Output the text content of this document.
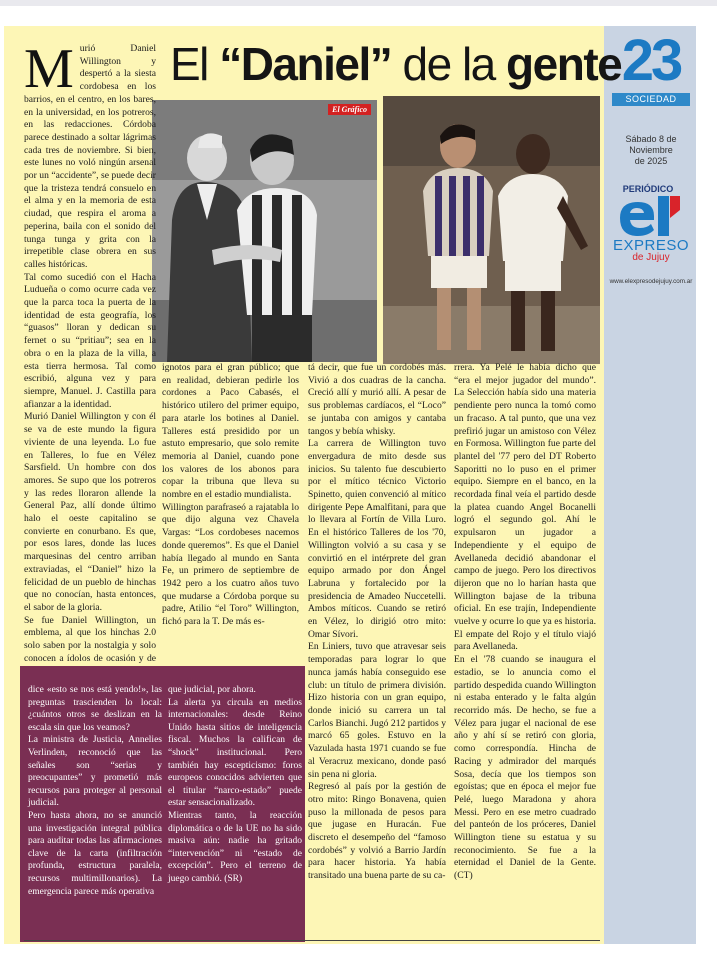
23
SOCIEDAD
Sábado 8 de Noviembre
de 2025
PERIÓDICO
EXPRESO
de Jujuy
www.elexpresodejujuy.com.ar
El “Daniel” de la gente
El Gráfico

Murió Daniel Willington y despertó a la siesta cordobesa en los barrios, en el centro, en los bares, en la universidad, en los potreros, en las redacciones. Córdoba parece destinado a soltar lágrimas cada tres de noviembre. Si bien, este lunes no voló ningún arsenal por un “accidente”, se puede decir que la tristeza tendrá consuelo en el alma y en la memoria de esta ciudad, que respira el aroma a peperina, baila con el sonido del tunga tunga y grita con la irrepetible clase obrera en sus calles históricas.

Tal como sucedió con el Hacha Ludueña o como ocurre cada vez que la parca toca la puerta de la identidad de esta geografía, los “guasos” lloran y dedican su fernet o su “pritiau”; sea en la obra o en la plaza de la villa, a esta tierra hermosa. Tal como escribió, alguna vez y para siempre, Manuel. J. Castilla para afianzar a la identidad.

Murió Daniel Willington y con él se va de este mundo la figura viviente de una leyenda. Lo fue en Talleres, lo fue en Vélez Sarsfield. Un hombre con dos amores. Se supo que los potreros y las redes lloraron allende la General Paz, allí donde último halo el oeste capitalino se convierte en conurbano. Es que, por esos lares, donde las luces marquesinas del centro arriban extraviadas, el “Daniel” hizo la felicidad de un pueblo de hinchas que no conocían, hasta entonces, el sabor de la gloria.

Se fue Daniel Willington, un emblema, al que los hinchas 2.0 solo saben por la nostalgia y solo conocen a ídolos de ocasión y de

ignotos para el gran público; que en realidad, debieran pedirle los cordones a Paco Cabasés, el histórico utilero del primer equipo, para atarle los botines al Daniel. Talleres está presidido por un astuto empresario, que solo remite memoria al Daniel, cuando pone los valores de los abonos para copar la tribuna que lleva su nombre en el estadio mundialista.

Willington parafraseó a rajatabla lo que dijo alguna vez Chavela Vargas: “Los cordobeses nacemos donde queremos”. Es que el Daniel había llegado al mundo en Santa Fe, un primero de septiembre de 1942 pero a los cuatro años tuvo que mudarse a Córdoba porque su padre, Atilio “el Toro” Willington, fichó para la T. De más es-

tá decir, que fue un cordobés más. Vivió a dos cuadras de la cancha. Creció allí y murió allí. A pesar de sus problemas cardíacos, el “Loco” se juntaba con amigos y cantaba tangos y bebía whisky.

La carrera de Willington tuvo envergadura de mito desde sus inicios. Su talento fue descubierto por el mítico técnico Victorio Spinetto, quien convenció al mítico dirigente Pepe Amalfitani, para que lo llevara al Fortín de Villa Luro. En el histórico Talleres de los '70, Willington volvió a su casa y se convirtió en el intérprete del gran equipo armado por don Ángel Labruna y fortalecido por la presidencia de Amadeo Nuccetelli. Ambos míticos. Cuando se retiró en Vélez, lo dirigió otro mito: Omar Sívori.

En Liniers, tuvo que atravesar seis temporadas para lograr lo que nunca jamás había conseguido ese club: un título de primera división. Hizo historia con un gran equipo, donde inició su carrera un tal Carlos Bianchi. Jugó 212 partidos y marcó 65 goles. Estuvo en la Vazulada hasta 1971 cuando se fue al Veracruz mexicano, donde pasó sin pena ni gloria.

Regresó al país por la gestión de otro mito: Ringo Bonavena, quien puso la millonada de pesos para que jugase en Huracán. Fue discreto el desempeño del “famoso cordobés” y volvió a Barrio Jardín para hacer historia. Ya había transitado una buena parte de su ca-

rrera. Ya Pelé le había dicho que “era el mejor jugador del mundo”. La Selección había sido una materia pendiente pero nunca la tomó como un fracaso. A tal punto, que una vez prefirió jugar un amistoso con Vélez en Formosa. Willington fue parte del plantel del '77 pero del DT Roberto Saporitti no lo puso en el primer equipo. Siempre en el banco, en la recordada final veía el partido desde la platea cuando Angel Bocanelli logró el segundo gol. Ahí le expulsaron un jugador a Independiente y el equipo de Avellaneda decidió abandonar el campo de juego. Pero los directivos dijeron que no lo harían hasta que Willington bajase de la tribuna oficial. En ese trajín, Independiente vuelve y ocurre lo que ya es historia. El empate del Rojo y el título viajó para Avellaneda.

En el '78 cuando se inaugura el estadio, se lo anuncia como el partido despedida cuando Willington ni estaba enterado y le falta algún recorrido más. De hecho, se fue a Vélez para jugar el nacional de ese año y ahí sí se retiró con gloria, como correspondía. Hincha de Racing y admirador del marqués Sosa, decía que los tiempos son egoístas; que en época el mejor fue Pelé, luego Maradona y ahora Messi. Pero en ese metro cuadrado del panteón de los próceres, Daniel Willington tiene su estatua y su reconocimiento. Se fue a la eternidad el Daniel de la Gente. (CT)

dice «esto se nos está yendo!», las preguntas trascienden lo local: ¿cuántos otros se deslizan en la escala sin que los veamos?

La ministra de Justicia, Annelies Verlinden, reconoció que las señales son “serias y preocupantes” y prometió más recursos para proteger al personal judicial.

Pero hasta ahora, no se anunció una investigación integral pública para auditar todas las afirmaciones clave de la carta (infiltración profunda, estructura paralela, recursos multimillonarios). La emergencia parece más operativa

que judicial, por ahora.

La alerta ya circula en medios internacionales: desde Reino Unido hasta sitios de inteligencia fiscal. Muchos la califican de “shock” institucional. Pero también hay escepticismo: foros europeos conocidos advierten que el titular “narco-estado” puede estar sensacionalizado.

Mientras tanto, la reacción diplomática o de la UE no ha sido masiva aún: nadie ha gritado “intervención” ni “estado de excepción”. Pero el terreno de juego cambió. (SR)
